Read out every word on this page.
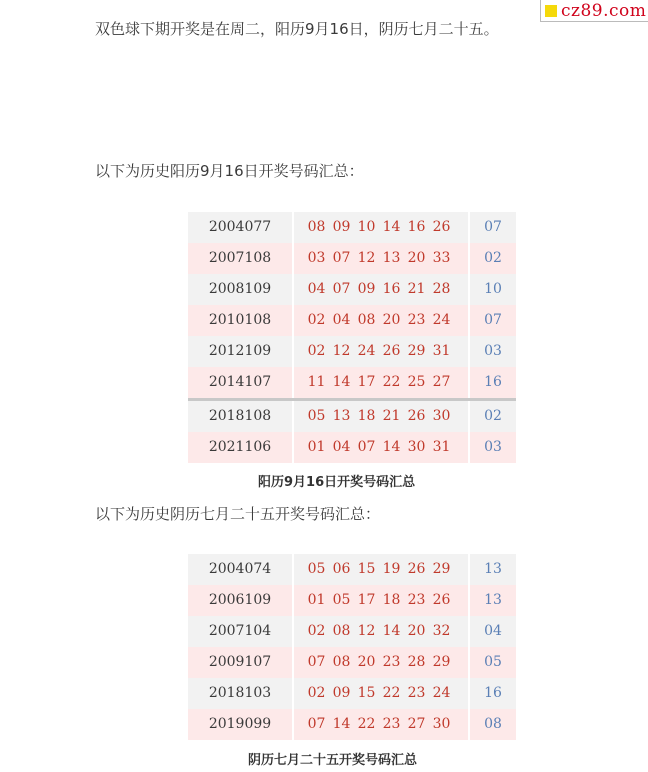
cz89.com

双色球下期开奖是在周二，阳历9月16日，阴历七月二十五。

以下为历史阳历9月16日开奖号码汇总：

2004077	08 09 10 14 16 26	07
2007108	03 07 12 13 20 33	02
2008109	04 07 09 16 21 28	10
2010108	02 04 08 20 23 24	07
2012109	02 12 24 26 29 31	03
2014107	11 14 17 22 25 27	16
2018108	05 13 18 21 26 30	02
2021106	01 04 07 14 30 31	03

阳历9月16日开奖号码汇总

以下为历史阴历七月二十五开奖号码汇总：

2004074	05 06 15 19 26 29	13
2006109	01 05 17 18 23 26	13
2007104	02 08 12 14 20 32	04
2009107	07 08 20 23 28 29	05
2018103	02 09 15 22 23 24	16
2019099	07 14 22 23 27 30	08

阴历七月二十五开奖号码汇总
